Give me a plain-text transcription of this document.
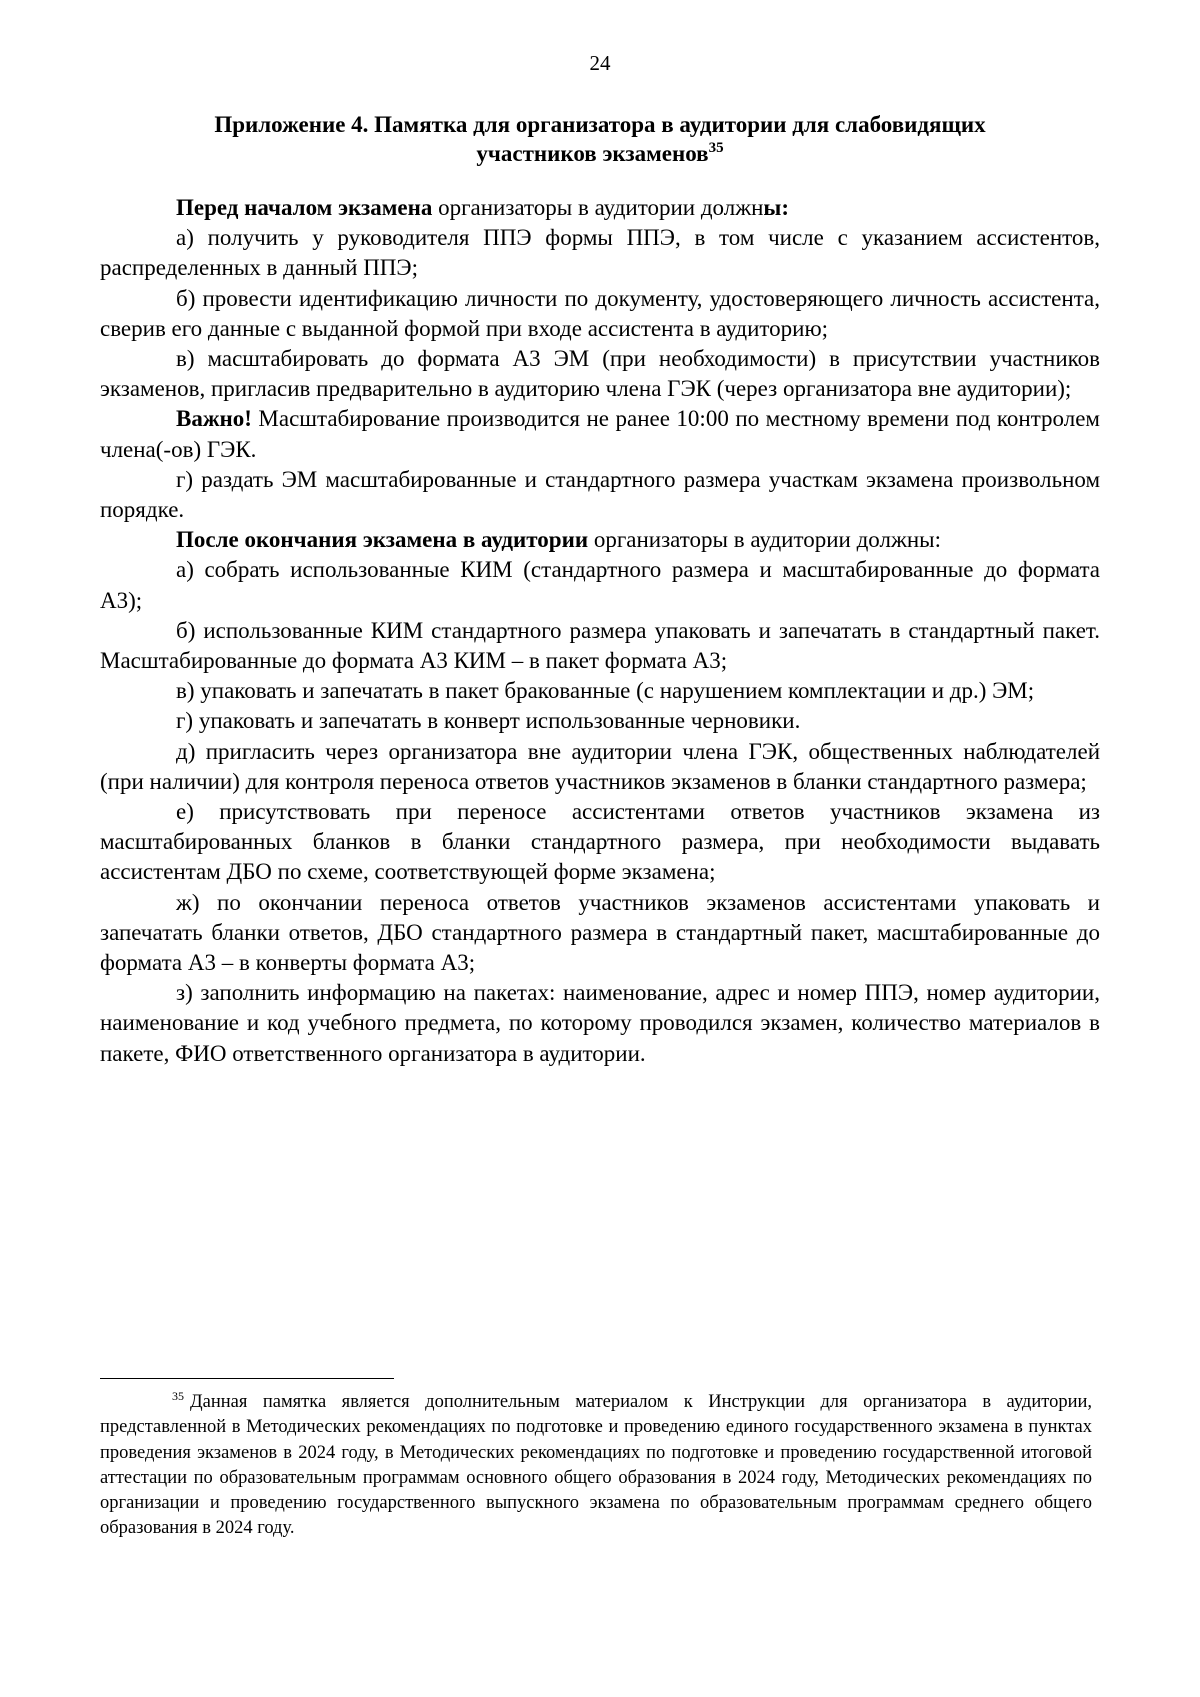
24
Приложение 4. Памятка для организатора в аудитории для слабовидящих
участников экзаменов$^{35}$

Перед началом экзамена организаторы в аудитории должны:

а) получить у руководителя ППЭ формы ППЭ, в том числе с указанием ассистентов, распределенных в данный ППЭ;

б) провести идентификацию личности по документу, удостоверяющего личность ассистента, сверив его данные с выданной формой при входе ассистента в аудиторию;

в) масштабировать до формата А3 ЭМ (при необходимости) в присутствии участников экзаменов, пригласив предварительно в аудиторию члена ГЭК (через организатора вне аудитории);

Важно! Масштабирование производится не ранее 10:00 по местному времени под контролем члена(-ов) ГЭК.

г) раздать ЭМ масштабированные и стандартного размера участкам экзамена произвольном порядке.

После окончания экзамена в аудитории организаторы в аудитории должны:

а) собрать использованные КИМ (стандартного размера и масштабированные до формата А3);

б) использованные КИМ стандартного размера упаковать и запечатать в стандартный пакет. Масштабированные до формата А3 КИМ – в пакет формата А3;

в) упаковать и запечатать в пакет бракованные (с нарушением комплектации и др.) ЭМ;

г) упаковать и запечатать в конверт использованные черновики.

д) пригласить через организатора вне аудитории члена ГЭК, общественных наблюдателей (при наличии) для контроля переноса ответов участников экзаменов в бланки стандартного размера;

е) присутствовать при переносе ассистентами ответов участников экзамена из масштабированных бланков в бланки стандартного размера, при необходимости выдавать ассистентам ДБО по схеме, соответствующей форме экзамена;

ж) по окончании переноса ответов участников экзаменов ассистентами упаковать и запечатать бланки ответов, ДБО стандартного размера в стандартный пакет, масштабированные до формата А3 – в конверты формата А3;

з) заполнить информацию на пакетах: наименование, адрес и номер ППЭ, номер аудитории, наименование и код учебного предмета, по которому проводился экзамен, количество материалов в пакете, ФИО ответственного организатора в аудитории.

$^{35}$ Данная памятка является дополнительным материалом к Инструкции для организатора в аудитории, представленной в Методических рекомендациях по подготовке и проведению единого государственного экзамена в пунктах проведения экзаменов в 2024 году, в Методических рекомендациях по подготовке и проведению государственной итоговой аттестации по образовательным программам основного общего образования в 2024 году, Методических рекомендациях по организации и проведению государственного выпускного экзамена по образовательным программам среднего общего образования в 2024 году.
